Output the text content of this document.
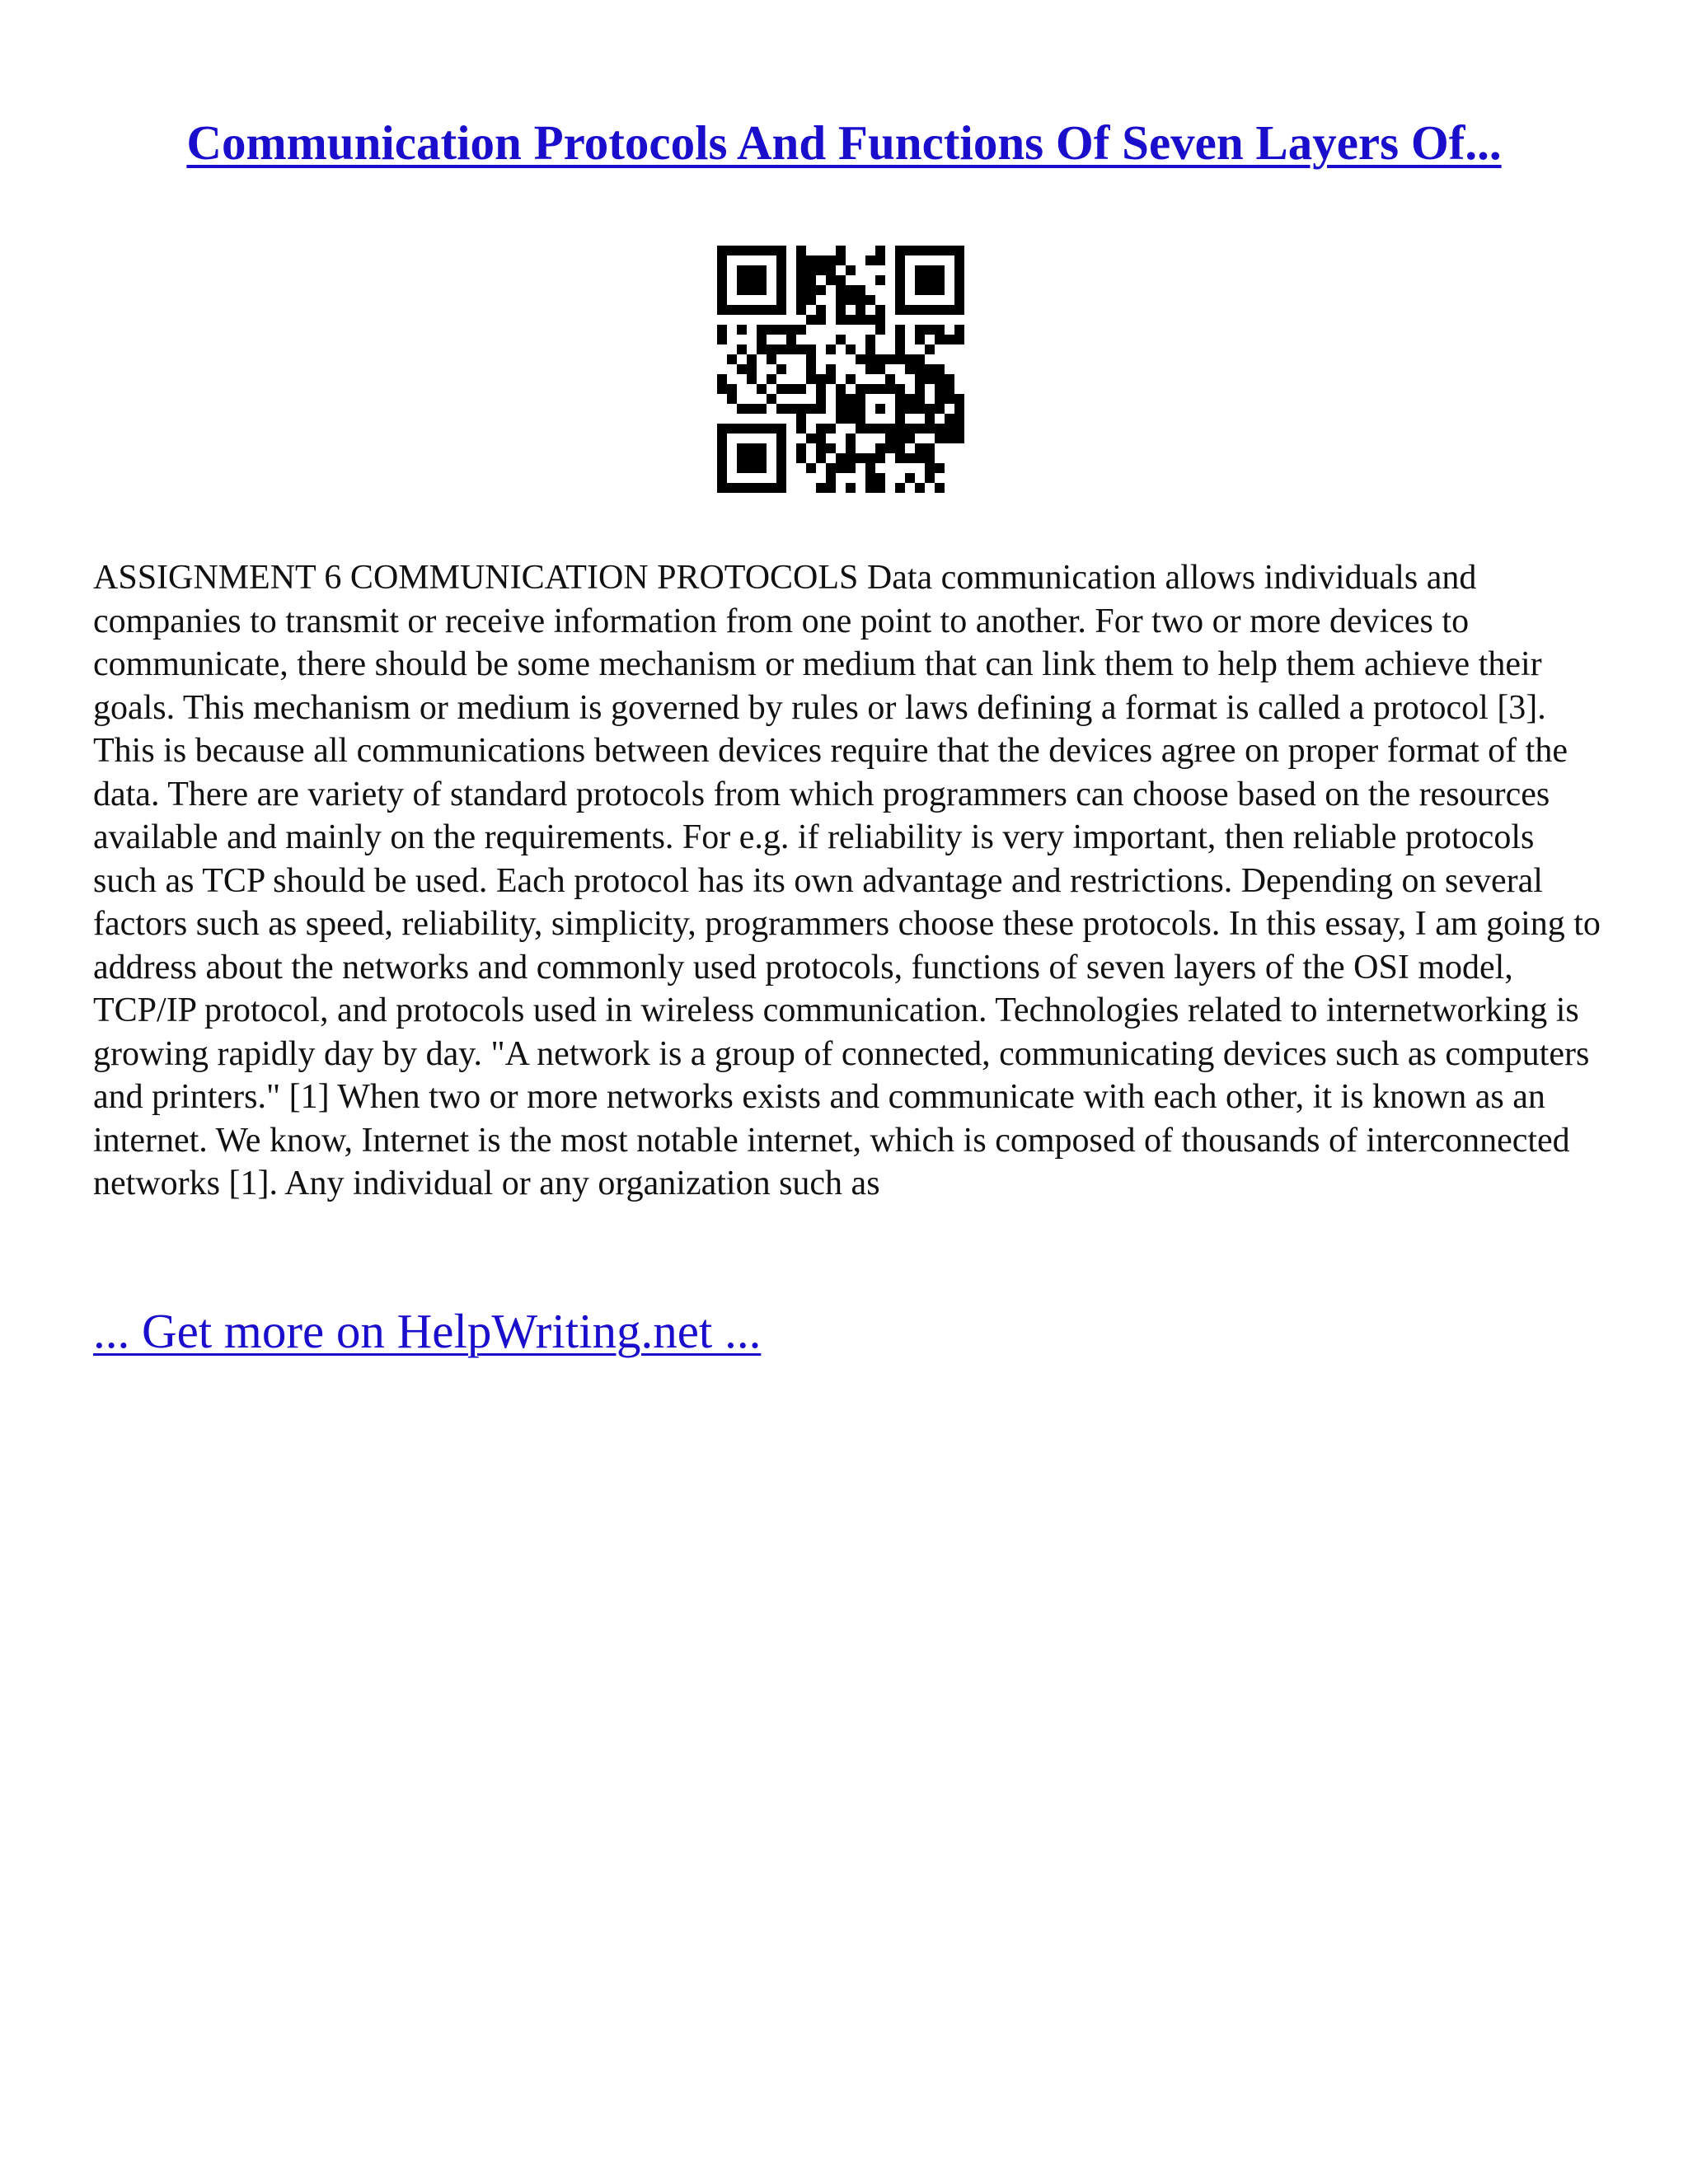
Communication Protocols And Functions Of Seven Layers Of...
ASSIGNMENT 6 COMMUNICATION PROTOCOLS Data communication allows individuals and companies to transmit or receive information from one point to another. For two or more devices to communicate, there should be some mechanism or medium that can link them to help them achieve their goals. This mechanism or medium is governed by rules or laws defining a format is called a protocol [3]. This is because all communications between devices require that the devices agree on proper format of the data. There are variety of standard protocols from which programmers can choose based on the resources available and mainly on the requirements. For e.g. if reliability is very important, then reliable protocols such as TCP should be used. Each protocol has its own advantage and restrictions. Depending on several factors such as speed, reliability, simplicity, programmers choose these protocols. In this essay, I am going to address about the networks and commonly used protocols, functions of seven layers of the OSI model, TCP/IP protocol, and protocols used in wireless communication. Technologies related to internetworking is growing rapidly day by day. "A network is a group of connected, communicating devices such as computers and printers." [1] When two or more networks exists and communicate with each other, it is known as an internet. We know, Internet is the most notable internet, which is composed of thousands of interconnected networks [1]. Any individual or any organization such as
... Get more on HelpWriting.net ...
